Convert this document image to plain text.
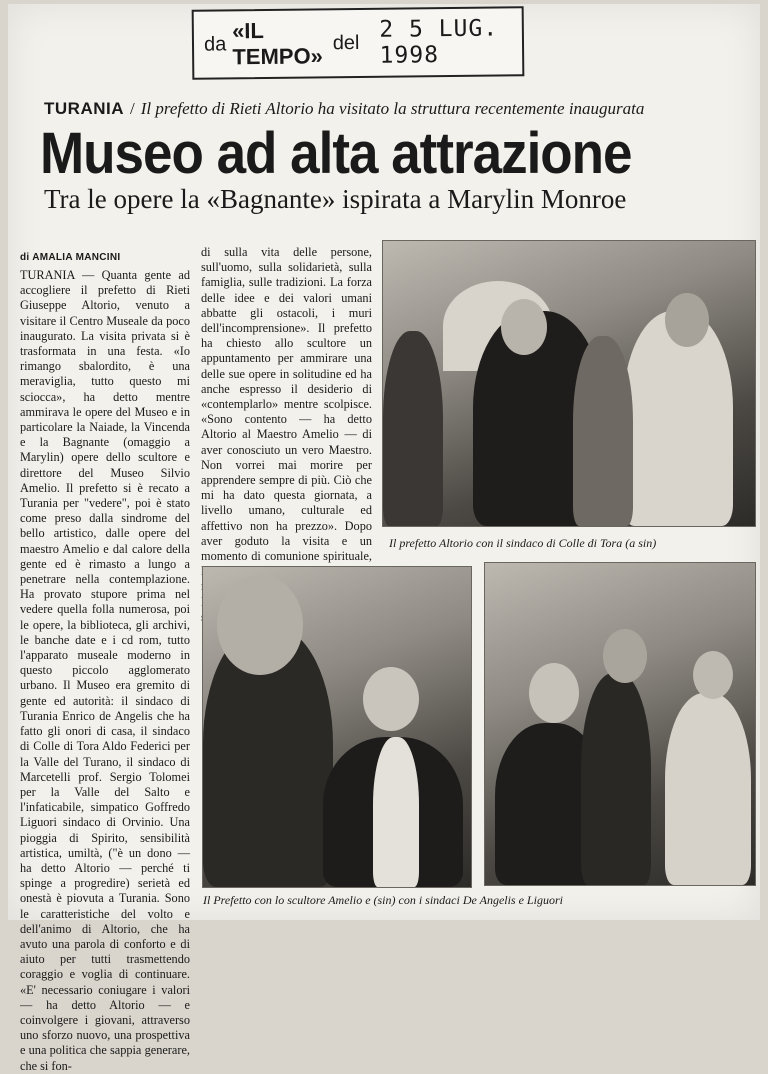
da
«IL TEMPO»
del 2 5 LUG. 1998
TURANIA / Il prefetto di Rieti Altorio ha visitato la struttura recentemente inaugurata
Museo ad alta attrazione
Tra le opere la «Bagnante» ispirata a Marylin Monroe
di AMALIA MANCINI
TURANIA — Quanta gente ad accogliere il prefetto di Rieti Giuseppe Altorio, venuto a visitare il Centro Museale da poco inaugurato. La visita privata si è trasformata in una festa. «Io rimango sbalordito, è una meraviglia, tutto questo mi sciocca», ha detto mentre ammirava le opere del Museo e in particolare la Naiade, la Vincenda e la Bagnante (omaggio a Marylin) opere dello scultore e direttore del Museo Silvio Amelio. Il prefetto si è recato a Turania per "vedere", poi è stato come preso dalla sindrome del bello artistico, dalle opere del maestro Amelio e dal calore della gente ed è rimasto a lungo a penetrare nella contemplazione. Ha provato stupore prima nel vedere quella folla numerosa, poi le opere, la biblioteca, gli archivi, le banche date e i cd rom, tutto l'apparato museale moderno in questo piccolo agglomerato urbano. Il Museo era gremito di gente ed autorità: il sindaco di Turania Enrico de Angelis che ha fatto gli onori di casa, il sindaco di Colle di Tora Aldo Federici per la Valle del Turano, il sindaco di Marcetelli prof. Sergio Tolomei per la Valle del Salto e l'infaticabile, simpatico Goffredo Liguori sindaco di Orvinio. Una pioggia di Spirito, sensibilità artistica, umiltà, ("è un dono — ha detto Altorio — perché ti spinge a progredire) serietà ed onestà è piovuta a Turania. Sono le caratteristiche del volto e dell'animo di Altorio, che ha avuto una parola di conforto e di aiuto per tutti trasmettendo coraggio e voglia di continuare. «E' necessario coniugare i valori — ha detto Altorio — e coinvolgere i giovani, attraverso uno sforzo nuovo, una prospettiva e una politica che sappia generare, che si fon-
di sulla vita delle persone, sull'uomo, sulla solidarietà, sulla famiglia, sulle tradizioni. La forza delle idee e dei valori umani abbatte gli ostacoli, i muri dell'incomprensione». Il prefetto ha chiesto allo scultore un appuntamento per ammirare una delle sue opere in solitudine ed ha anche espresso il desiderio di «contemplarlo» mentre scolpisce. «Sono contento — ha detto Altorio al Maestro Amelio — di aver conosciuto un vero Maestro. Non vorrei mai morire per apprendere sempre di più. Ciò che mi ha dato questa giornata, a livello umano, culturale ed affettivo non ha prezzo». Dopo aver goduto la visita e un momento di comunione spirituale,
Il prefetto Altorio con il sindaco di Colle di Tora (a sin)
Il Prefetto con lo scultore Amelio e (sin) con i sindaci De Angelis e Liguori
